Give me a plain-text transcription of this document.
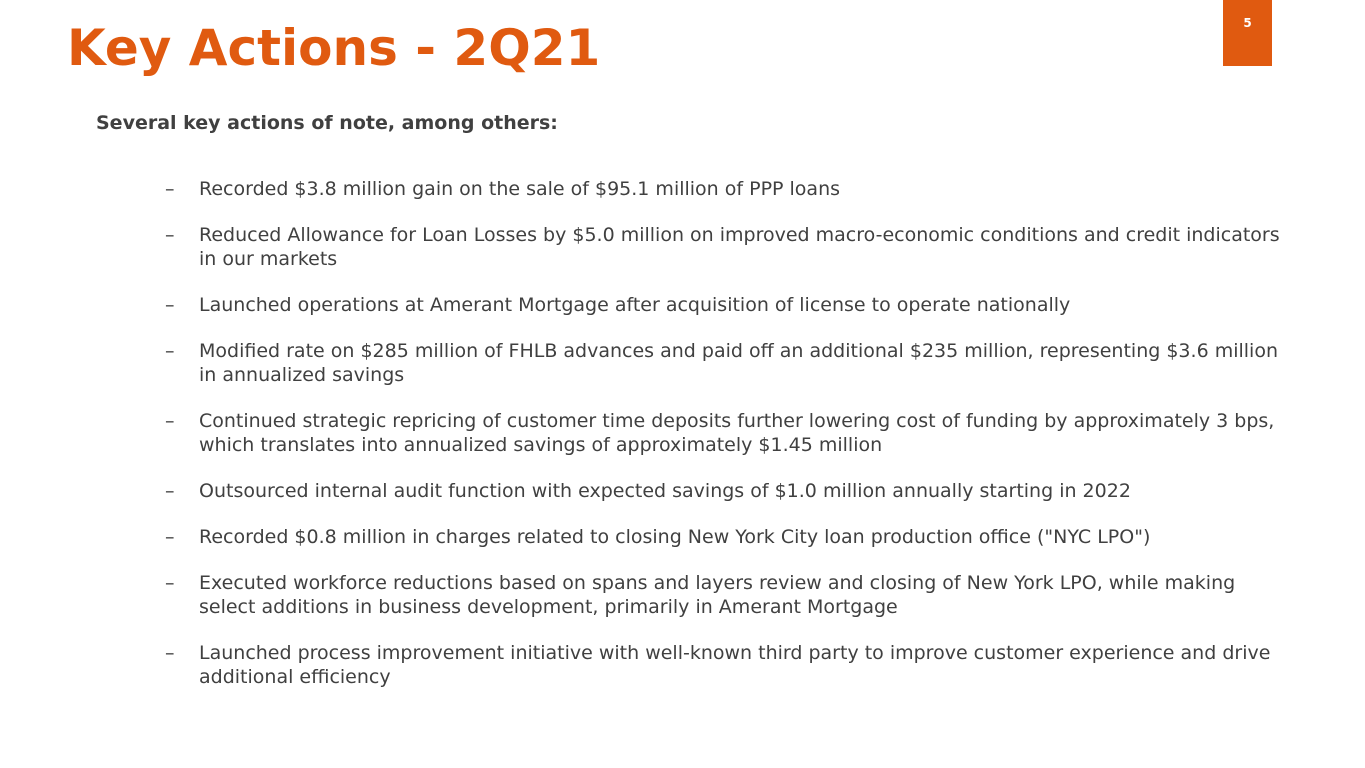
Key Actions - 2Q21	5

Several key actions of note, among others:

– Recorded $3.8 million gain on the sale of $95.1 million of PPP loans
– Reduced Allowance for Loan Losses by $5.0 million on improved macro-economic conditions and credit indicators in our markets
– Launched operations at Amerant Mortgage after acquisition of license to operate nationally
– Modified rate on $285 million of FHLB advances and paid off an additional $235 million, representing $3.6 million in annualized savings
– Continued strategic repricing of customer time deposits further lowering cost of funding by approximately 3 bps, which translates into annualized savings of approximately $1.45 million
– Outsourced internal audit function with expected savings of $1.0 million annually starting in 2022
– Recorded $0.8 million in charges related to closing New York City loan production office ("NYC LPO")
– Executed workforce reductions based on spans and layers review and closing of New York LPO, while making select additions in business development, primarily in Amerant Mortgage
– Launched process improvement initiative with well-known third party to improve customer experience and drive additional efficiency
